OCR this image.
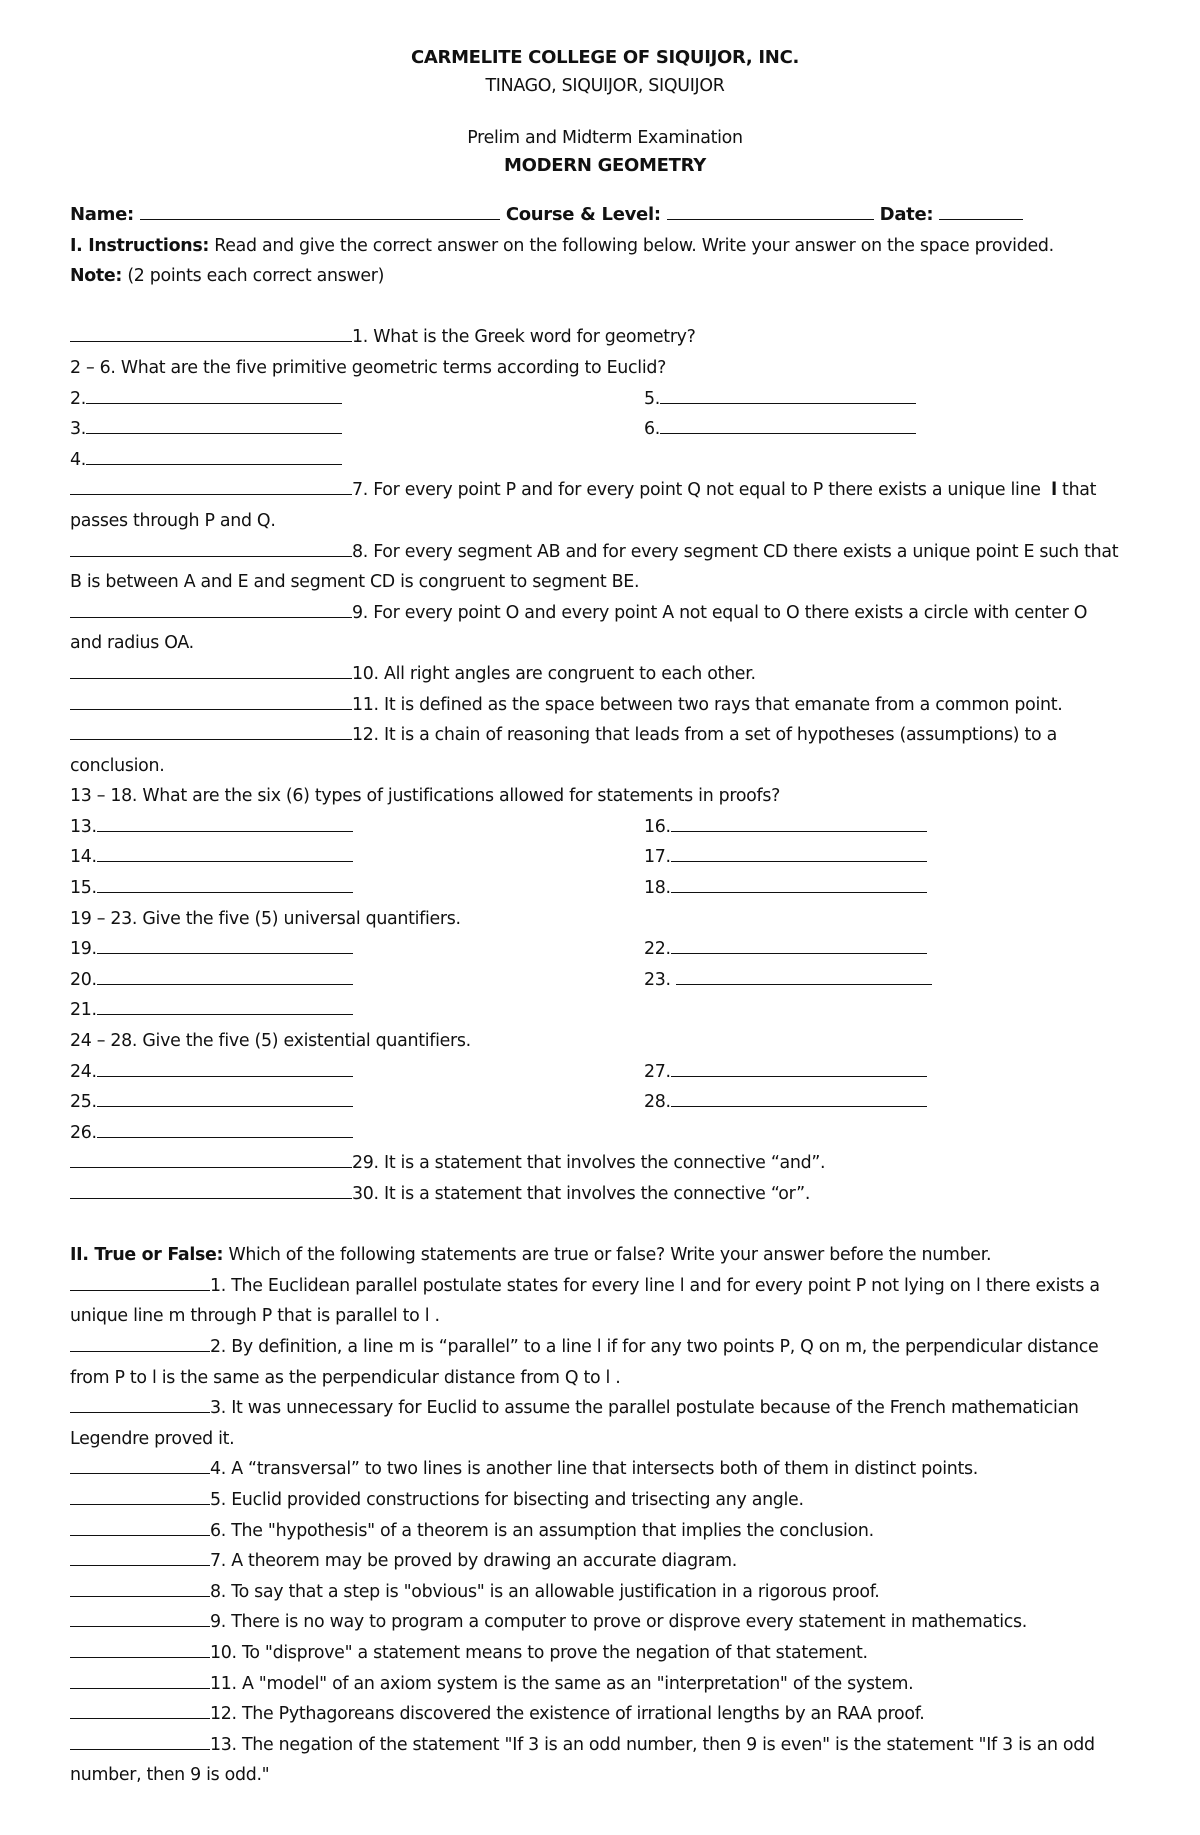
CARMELITE COLLEGE OF SIQUIJOR, INC.
TINAGO, SIQUIJOR, SIQUIJOR
Prelim and Midterm Examination
MODERN GEOMETRY
Name:	Course & Level:	Date:
I. Instructions: Read and give the correct answer on the following below. Write your answer on the space provided.
Note: (2 points each correct answer)
1. What is the Greek word for geometry?
2 – 6. What are the five primitive geometric terms according to Euclid?
2.	5.
3.	6.
4.
7. For every point P and for every point Q not equal to P there exists a unique line l that
passes through P and Q.
8. For every segment AB and for every segment CD there exists a unique point E such that
B is between A and E and segment CD is congruent to segment BE.
9. For every point O and every point A not equal to O there exists a circle with center O
and radius OA.
10. All right angles are congruent to each other.
11. It is defined as the space between two rays that emanate from a common point.
12. It is a chain of reasoning that leads from a set of hypotheses (assumptions) to a
conclusion.
13 – 18. What are the six (6) types of justifications allowed for statements in proofs?
13.	16.
14.	17.
15.	18.
19 – 23. Give the five (5) universal quantifiers.
19.	22.
20.	23.
21.
24 – 28. Give the five (5) existential quantifiers.
24.	27.
25.	28.
26.
29. It is a statement that involves the connective “and”.
30. It is a statement that involves the connective “or”.
II. True or False: Which of the following statements are true or false? Write your answer before the number.
1. The Euclidean parallel postulate states for every line l and for every point P not lying on l there exists a
unique line m through P that is parallel to l .
2. By definition, a line m is “parallel” to a line l if for any two points P, Q on m, the perpendicular distance
from P to l is the same as the perpendicular distance from Q to l .
3. It was unnecessary for Euclid to assume the parallel postulate because of the French mathematician
Legendre proved it.
4. A “transversal” to two lines is another line that intersects both of them in distinct points.
5. Euclid provided constructions for bisecting and trisecting any angle.
6. The "hypothesis" of a theorem is an assumption that implies the conclusion.
7. A theorem may be proved by drawing an accurate diagram.
8. To say that a step is "obvious" is an allowable justification in a rigorous proof.
9. There is no way to program a computer to prove or disprove every statement in mathematics.
10. To "disprove" a statement means to prove the negation of that statement.
11. A "model" of an axiom system is the same as an "interpretation" of the system.
12. The Pythagoreans discovered the existence of irrational lengths by an RAA proof.
13. The negation of the statement "If 3 is an odd number, then 9 is even" is the statement "If 3 is an odd
number, then 9 is odd."
